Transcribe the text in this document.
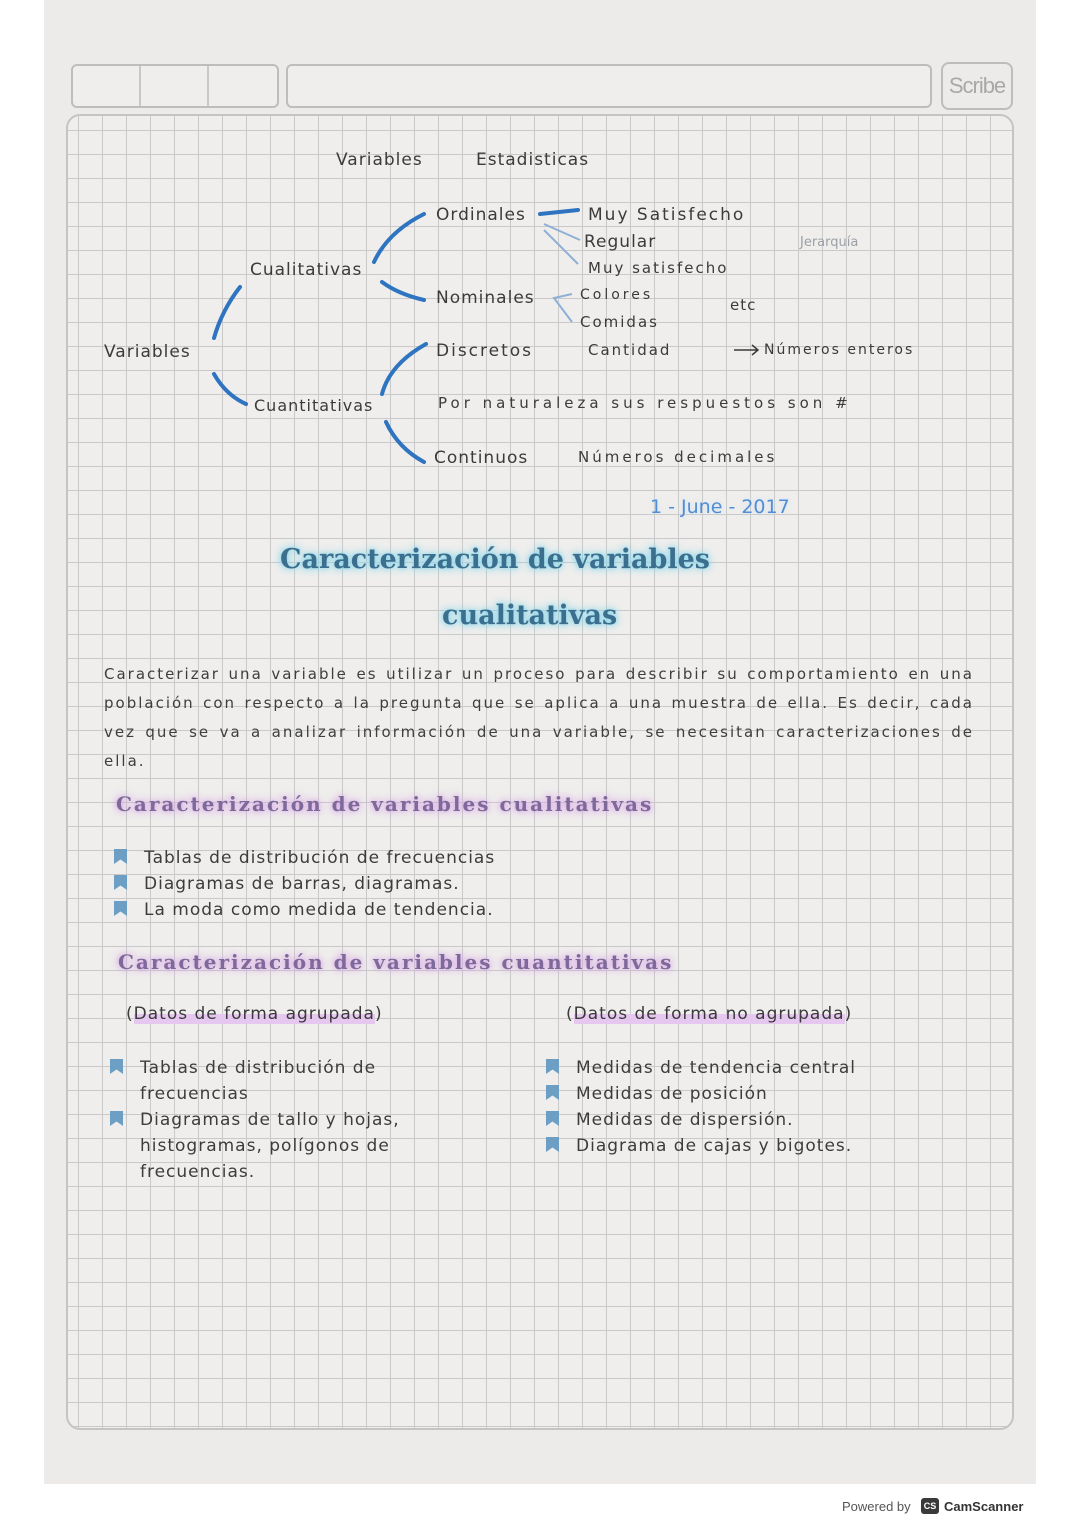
Scribe
Variables	Estadisticas
Variables
Cualitativas
Cuantitativas
Ordinales	Muy Satisfecho
Regular
Muy satisfecho
Jerarquía
Nominales	Colores
Comidas
etc
Discretos	Cantidad	Números enteros
Por naturaleza sus respuestos son #
Continuos	Números decimales
1 - June - 2017
Caracterización de variables
cualitativas
Caracterizar una variable es utilizar un proceso para describir su comportamiento en una población con respecto a la pregunta que se aplica a una muestra de ella. Es decir, cada vez que se va a analizar información de una variable, se necesitan caracterizaciones de ella.
Caracterización de variables cualitativas
Tablas de distribución de frecuencias
Diagramas de barras, diagramas.
La moda como medida de tendencia.
Caracterización de variables cuantitativas
(Datos de forma agrupada)	(Datos de forma no agrupada)
Tablas de distribución de frecuencias
Diagramas de tallo y hojas, histogramas, polígonos de frecuencias.
Medidas de tendencia central
Medidas de posición
Medidas de dispersión.
Diagrama de cajas y bigotes.
Powered by	CS CamScanner
